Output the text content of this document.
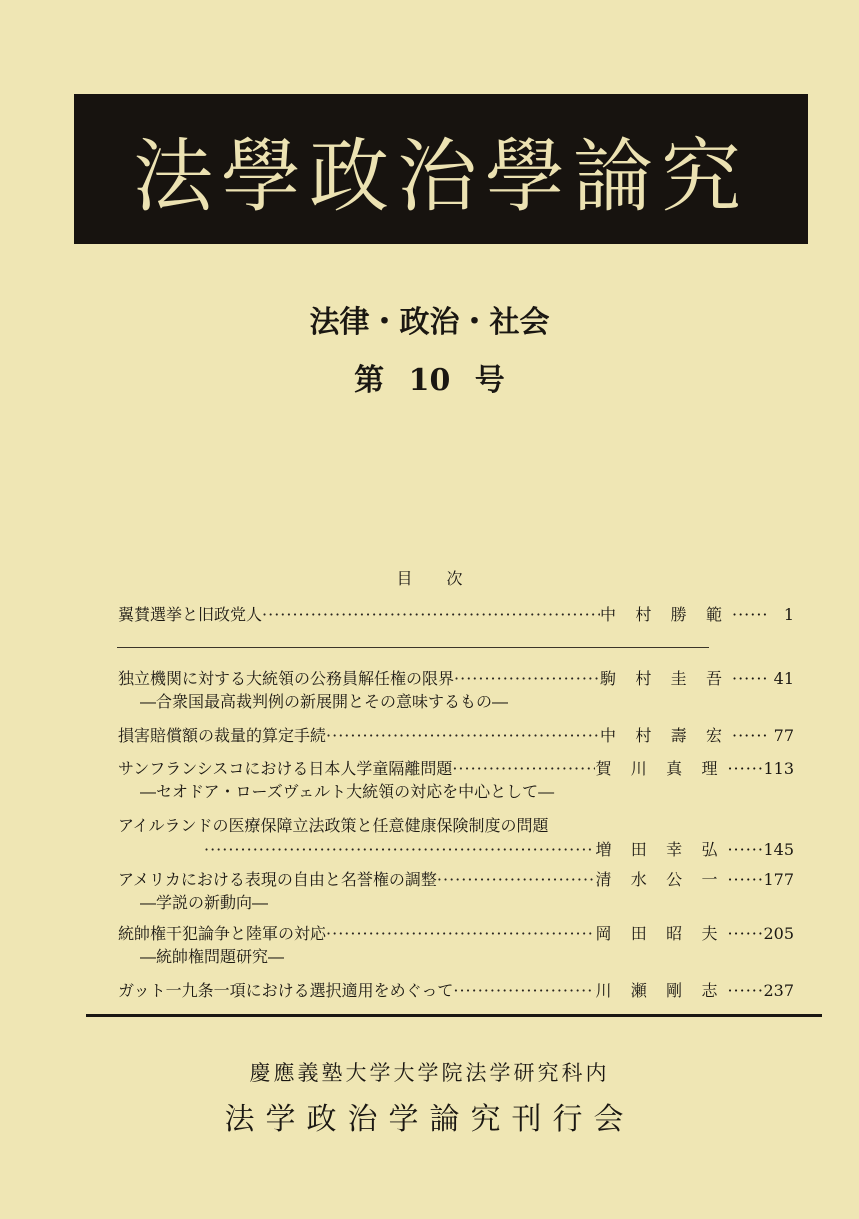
法學政治學論究
法律・政治・社会
第 10 号
目次
翼賛選挙と旧政党人 ·····	中 村 勝 範 ·····	1
独立機関に対する大統領の公務員解任権の限界 ·····	駒 村 圭 吾 ·····	41
―合衆国最高裁判例の新展開とその意味するもの―
損害賠償額の裁量的算定手続 ·····	中 村 壽 宏 ·····	77
サンフランシスコにおける日本人学童隔離問題 ·····	賀 川 真 理 ·····	113
―セオドア・ローズヴェルト大統領の対応を中心として―
アイルランドの医療保障立法政策と任意健康保険制度の問題
·····
増 田 幸 弘 ·····	145
アメリカにおける表現の自由と名誉権の調整 ·····	清 水 公 一 ·····	177
―学説の新動向―
統帥権干犯論争と陸軍の対応 ·····	岡 田 昭 夫 ·····	205
―統帥権問題研究―
ガット一九条一項における選択適用をめぐって ·····	川 瀬 剛 志 ·····	237
慶應義塾大学大学院法学研究科内
法学政治学論究刊行会
